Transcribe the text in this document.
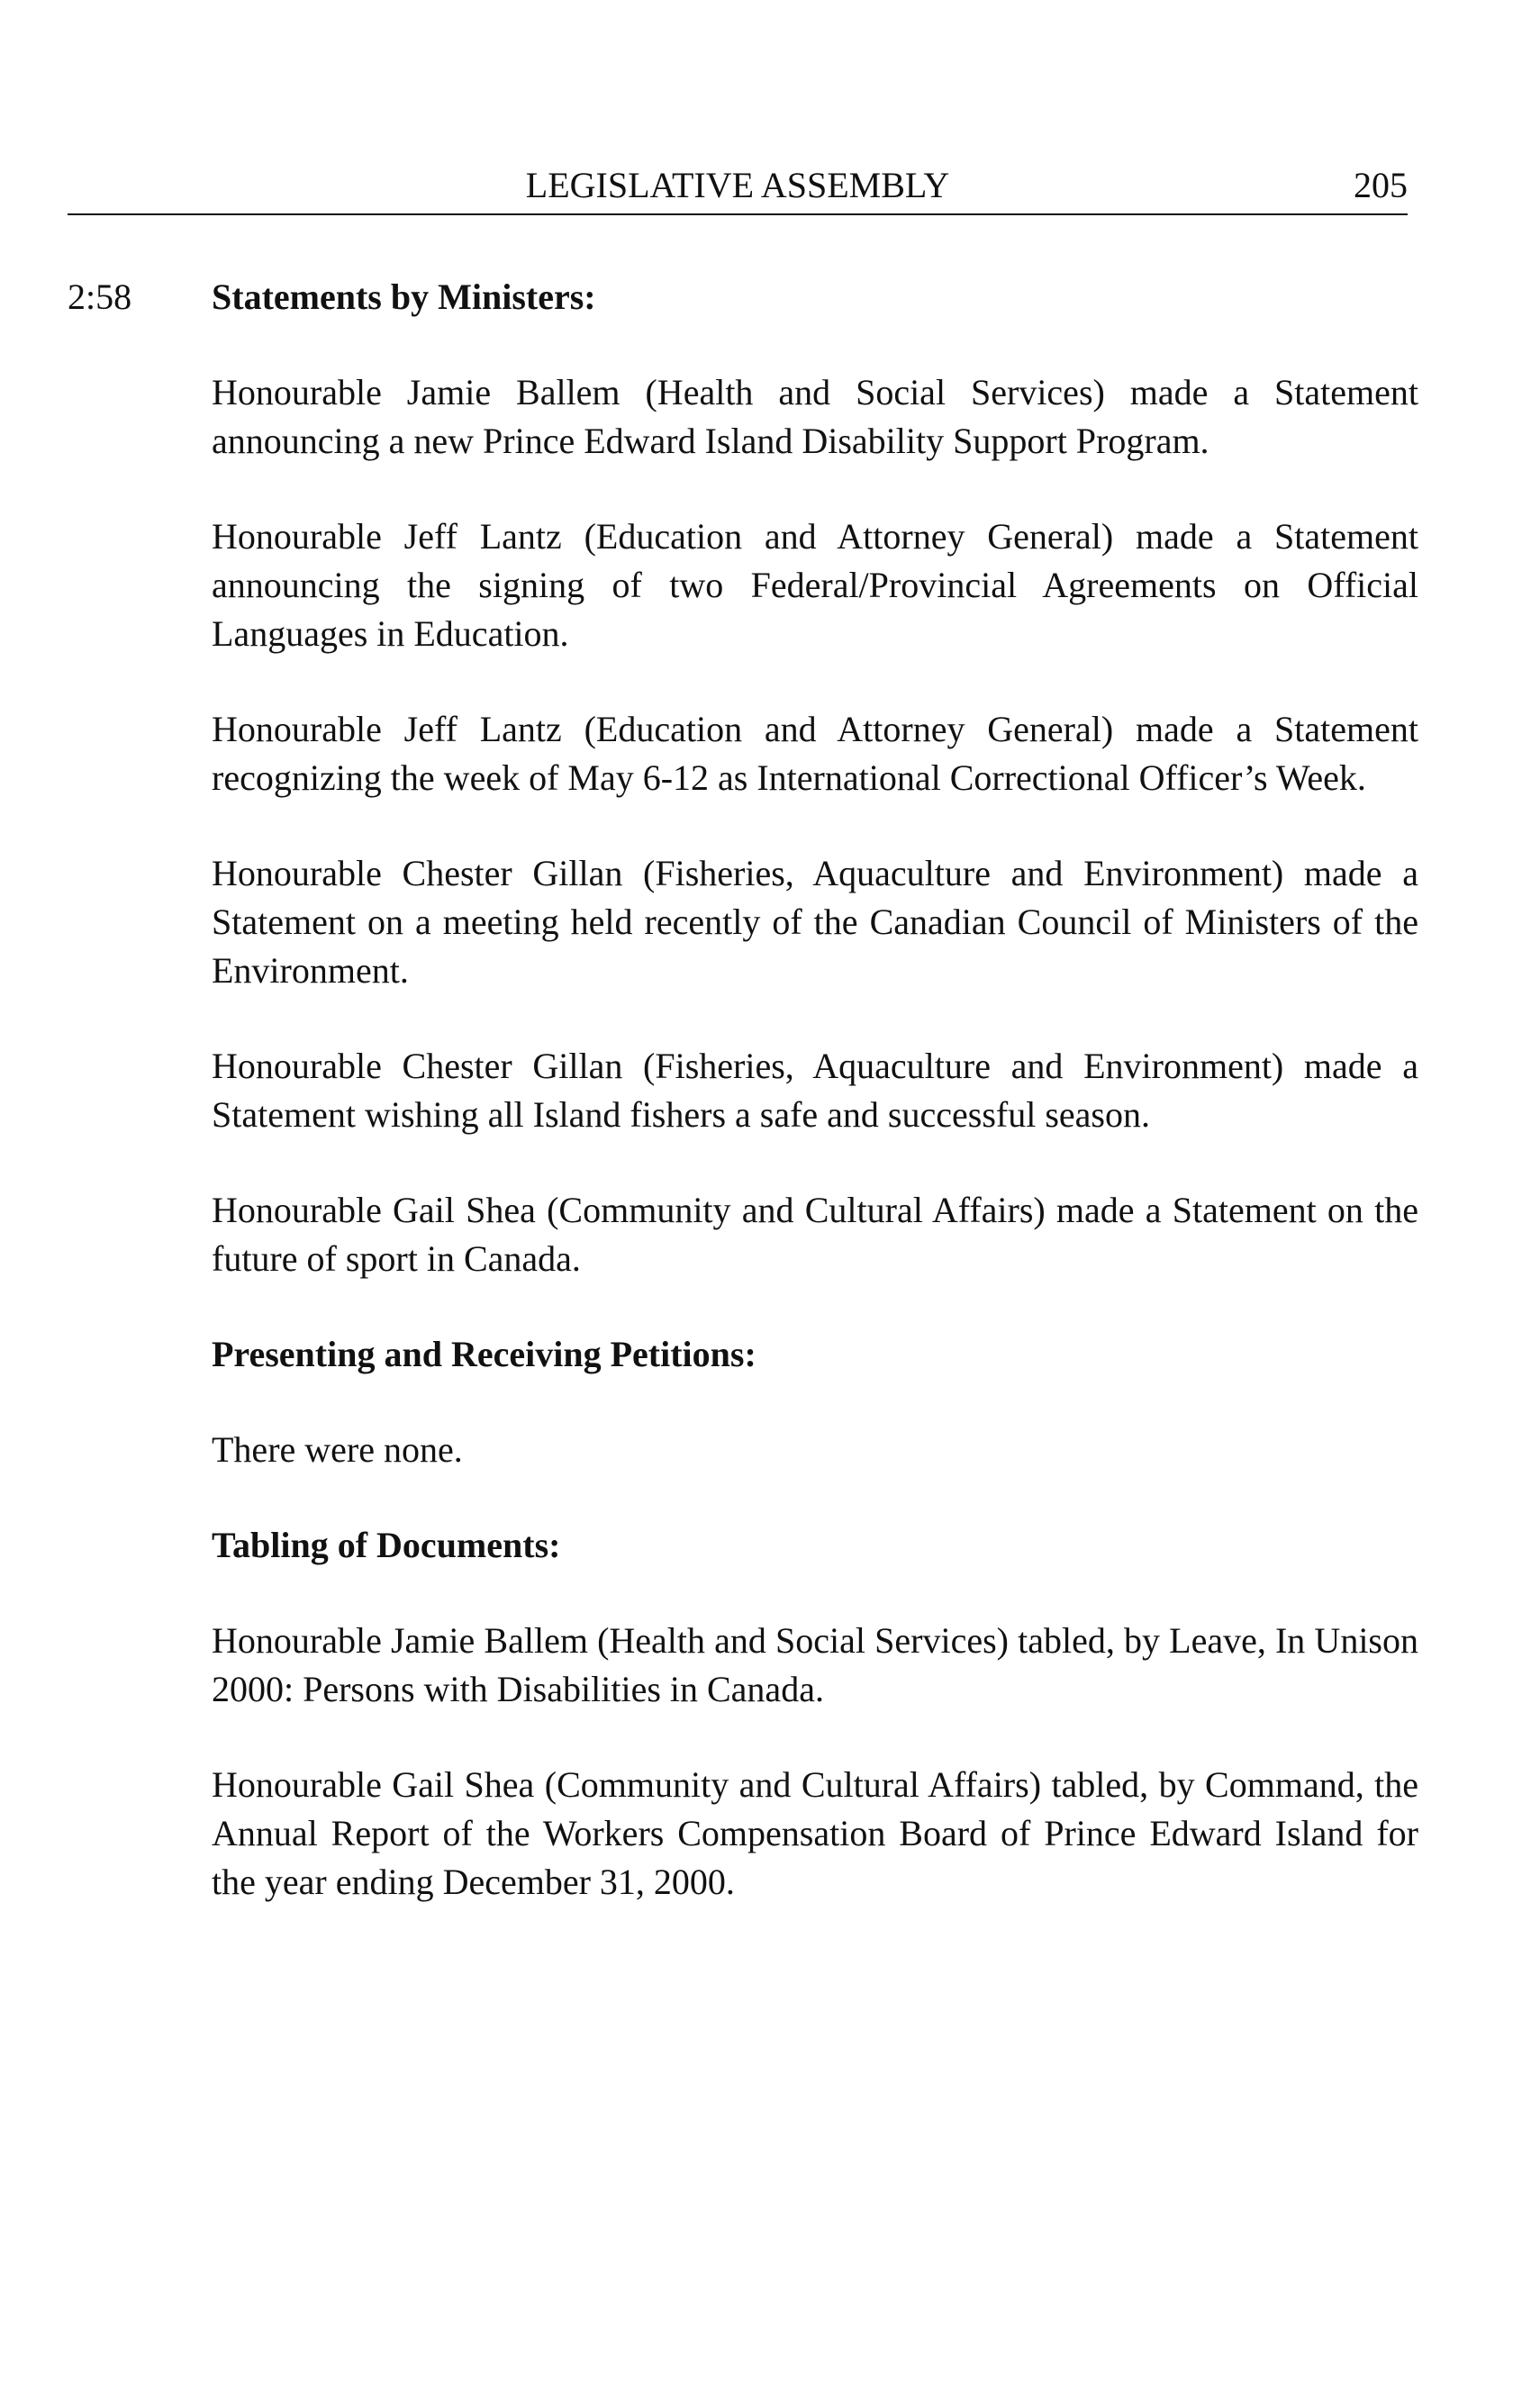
LEGISLATIVE ASSEMBLY	205
2:58 Statements by Ministers:

Honourable Jamie Ballem (Health and Social Services) made a Statement announcing a new Prince Edward Island Disability Support Program.

Honourable Jeff Lantz (Education and Attorney General) made a Statement announcing the signing of two Federal/Provincial Agreements on Official Languages in Education.

Honourable Jeff Lantz (Education and Attorney General) made a Statement recognizing the week of May 6-12 as International Correctional Officer’s Week.

Honourable Chester Gillan (Fisheries, Aquaculture and Environment) made a Statement on a meeting held recently of the Canadian Council of Ministers of the Environment.

Honourable Chester Gillan (Fisheries, Aquaculture and Environment) made a Statement wishing all Island fishers a safe and successful season.

Honourable Gail Shea (Community and Cultural Affairs) made a Statement on the future of sport in Canada.

Presenting and Receiving Petitions:

There were none.

Tabling of Documents:

Honourable Jamie Ballem (Health and Social Services) tabled, by Leave, In Unison 2000: Persons with Disabilities in Canada.

Honourable Gail Shea (Community and Cultural Affairs) tabled, by Command, the Annual Report of the Workers Compensation Board of Prince Edward Island for the year ending December 31, 2000.
